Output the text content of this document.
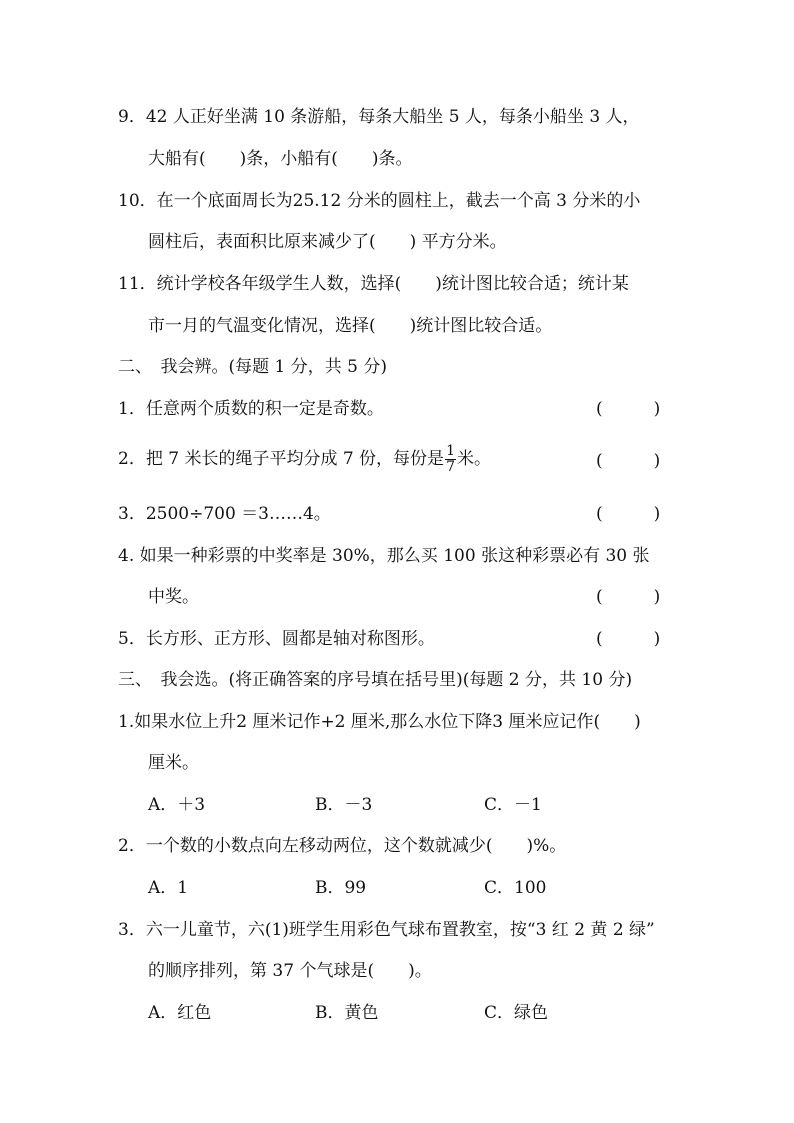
9．42 人正好坐满 10 条游船，每条大船坐 5 人，每条小船坐 3 人，
大船有(　　)条，小船有(　　)条。
10．在一个底面周长为25.12 分米的圆柱上，截去一个高 3 分米的小
圆柱后，表面积比原来减少了(　　) 平方分米。
11．统计学校各年级学生人数，选择(　　)统计图比较合适；统计某
市一月的气温变化情况，选择(　　)统计图比较合适。
二、　我会辨。(每题 1 分，共 5 分)
1．任意两个质数的积一定是奇数。	(　　　)
2．把 7 米长的绳子平均分成 7 份，每份是 $\frac{1}{7}$ 米。	(　　　)
3．2500÷700 ＝3……4。	(　　　)
4. 如果一种彩票的中奖率是 30%，那么买 100 张这种彩票必有 30 张
中奖。	(　　　)
5．长方形、正方形、圆都是轴对称图形。	(　　　)
三、　我会选。(将正确答案的序号填在括号里)(每题 2 分，共 10 分)
1.如果水位上升2 厘米记作+2 厘米,那么水位下降3 厘米应记作(　　)
厘米。
A．＋3	B．－3	C．－1
2．一个数的小数点向左移动两位，这个数就减少(　　)%。
A．1	B．99	C．100
3．六一儿童节，六(1)班学生用彩色气球布置教室，按“3 红 2 黄 2 绿”
的顺序排列，第 37 个气球是(　　)。
A．红色	B．黄色	C．绿色
